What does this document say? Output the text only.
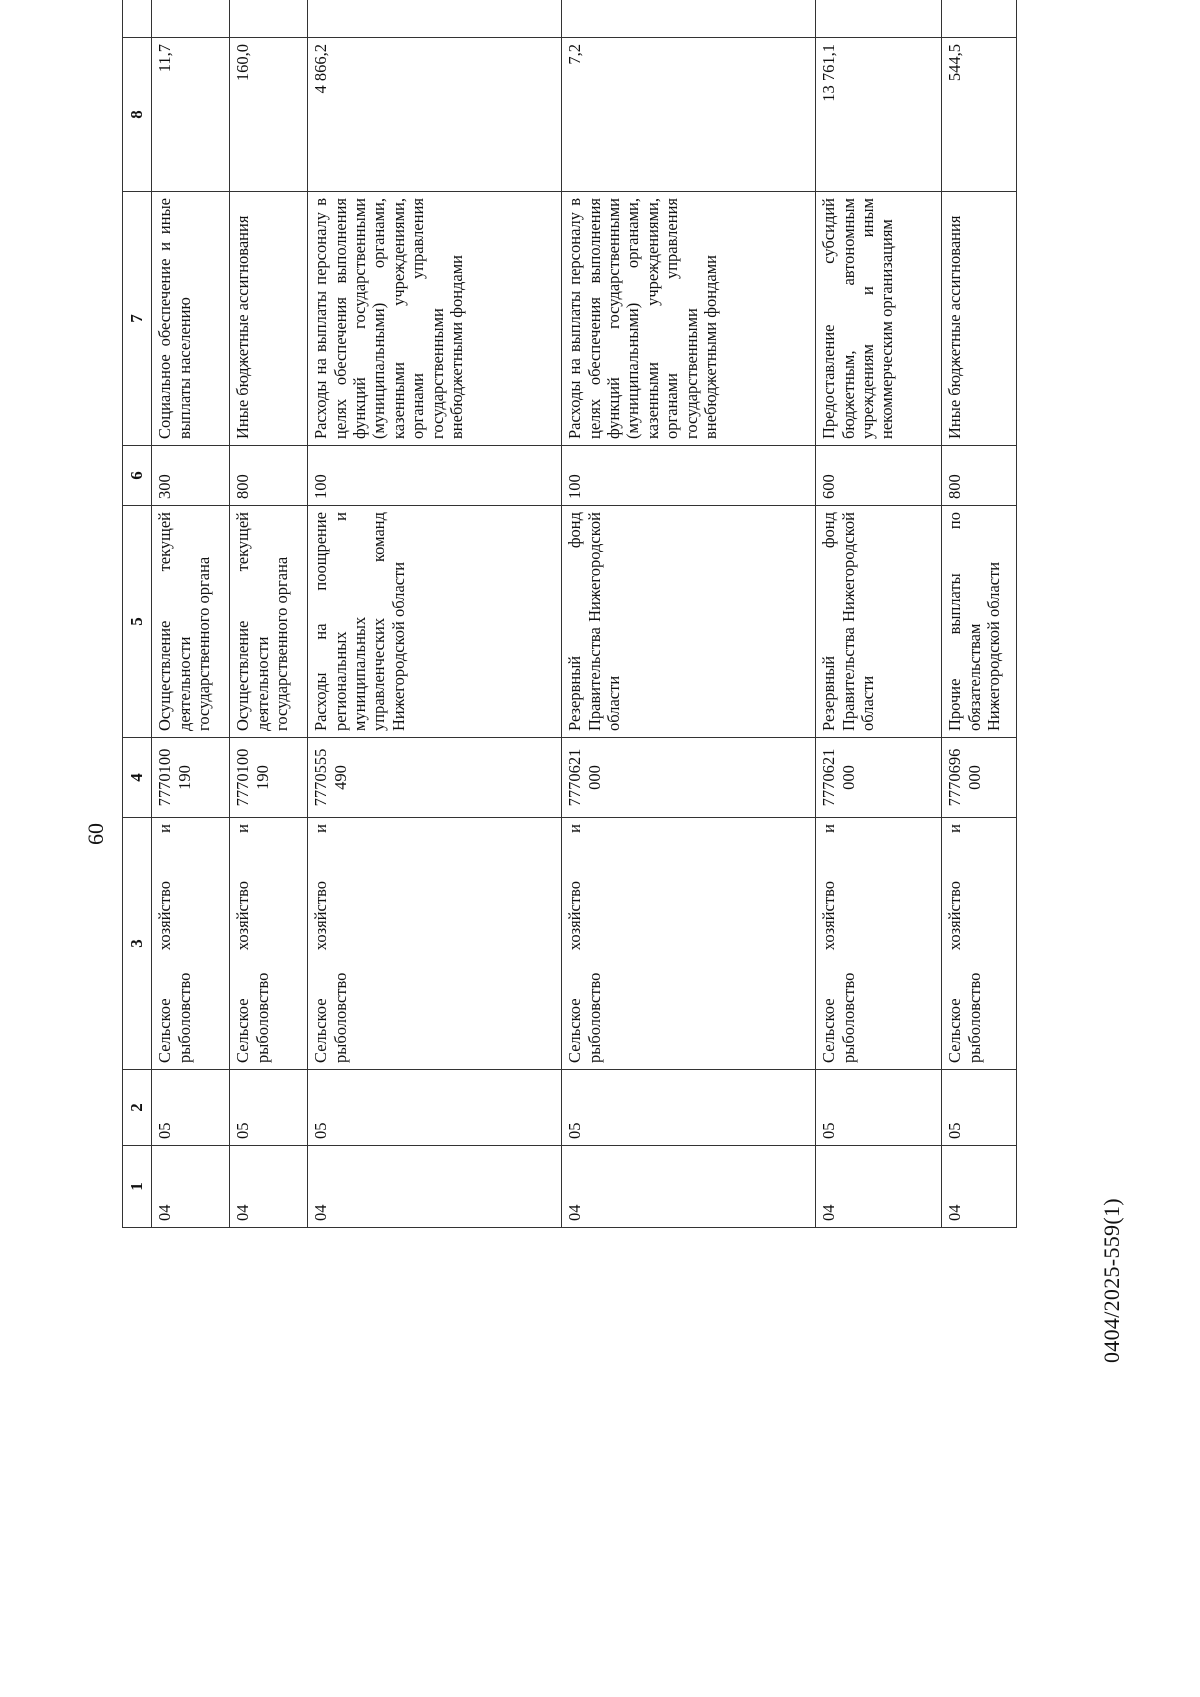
60
1	2	3	4	5	6	7	8		
04	05	Сельское хозяйство и рыболовство	7770100 190	Осуществление текущей деятельности государственного органа	300	Социальное обеспечение и иные выплаты населению	11,7		
04	05	Сельское хозяйство и рыболовство	7770100 190	Осуществление текущей деятельности государственного органа	800	Иные бюджетные ассигнования	160,0		
04	05	Сельское хозяйство и рыболовство	7770555 490	Расходы на поощрение региональных и муниципальных управленческих команд Нижегородской области	100	Расходы на выплаты персоналу в целях обеспечения выполнения функций государственными (муниципальными) органами, казенными учреждениями, органами управления государственными внебюджетными фондами	4 866,2		
04	05	Сельское хозяйство и рыболовство	7770621 000	Резервный фонд Правительства Нижегородской области	100	Расходы на выплаты персоналу в целях обеспечения выполнения функций государственными (муниципальными) органами, казенными учреждениями, органами управления государственными внебюджетными фондами	7,2		
04	05	Сельское хозяйство и рыболовство	7770621 000	Резервный фонд Правительства Нижегородской области	600	Предоставление субсидий бюджетным, автономным учреждениям и иным некоммерческим организациям	13 761,1		
04	05	Сельское хозяйство и рыболовство	7770696 000	Прочие выплаты по обязательствам Нижегородской области	800	Иные бюджетные ассигнования	544,5		
0404/2025-559(1)
